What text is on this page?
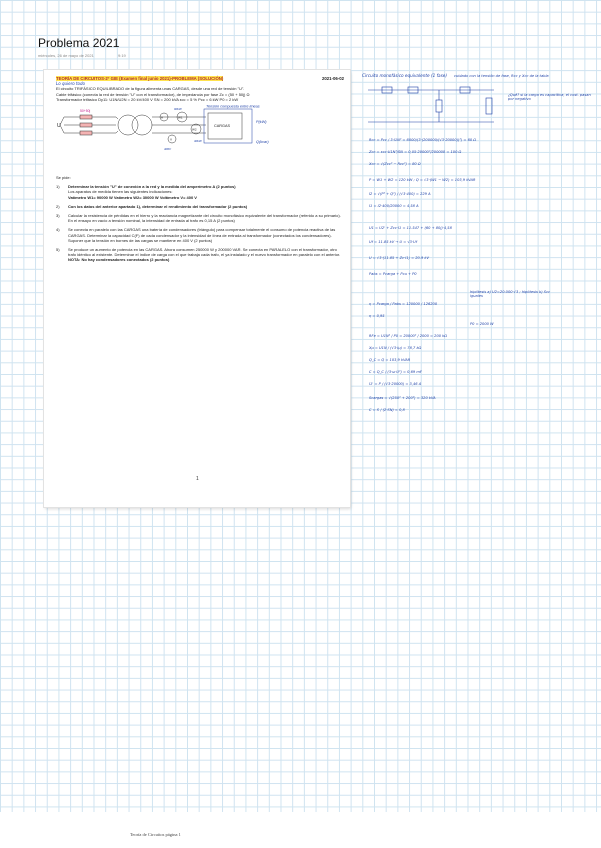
Problema 2021
miércoles, 26 de mayo de 2021	9:19
TEORÍA DE CIRCUITOS-2º GIE (Examen final junio 2021)-PROBLEMA (SOLUCIÓN)	2021-06-02
Lo quiero todo
El circuito TRIFÁSICO EQUILIBRADO de la figura alimenta unas CARGAS, desde una red de tensión "U".
Cable trifásico (conecta la red de tensión "U" con el transformador), de impedancia por fase Zc = (50 + 50j) Ω
Transformador trifásico Dy11: U1N/U2N = 20 kV/400 V SN = 200 kVA εcc = 5 % Pcc = 6 kW P0 = 2 kW
U
50+50j
A	W1
W2
V
CARGAS
Tensión compuesta entre líneas
P(kW)
Q(kvar)
90kW
30kW
400V
Se pide:
1)	Determinar la tensión "U" de conexión a la red y la medida del amperímetro A (2 puntos)
Los aparatos de medida tienen las siguientes indicaciones:
Vatímetro W1= 90000 W Vatímetro W2= 30000 W Voltímetro V= 400 V
2)	Con los datos del anterior apartado 1), determinar el rendimiento del transformador (2 puntos)
3)	Calcular la resistencia de pérdidas en el hierro y la reactancia magnetizante del circuito monofásico equivalente del transformador (referido a su primario). En el ensayo en vacío a tensión nominal, la intensidad de entrada al trafo es 0,15 A (2 puntos)
4)	Se conecta en paralelo con las CARGAS una batería de condensadores (triángulo) para compensar totalmente el consumo de potencia reactiva de las CARGAS. Determinar la capacidad C(F) de cada condensador y la intensidad de línea de entrada al transformador (conectados los condensadores). Suponer que la tensión en bornes de las cargas se mantiene en 400 V (2 puntos)
5)	Se produce un aumento de potencia en las CARGAS. Ahora consumen 250000 W y 200000 VAR. Se conecta en PARALELO con el transformador, otro trafo idéntico al existente. Determinar el índice de carga con el que trabaja cada trafo, el ya instalado y el nuevo transformador en paralelo con el anterior.
NOTA: No hay condensadores conectados (2 puntos)
1
Circuito monofásico equivalente (1 fase) cuidado con la tensión de fase, Rcc y Xcc de la tabla
¿Qué? si la carga es capacitiva, el cost. pasan por negativo
Rcc = Pcc / 3·I1N² = 6000/(3·(200000/(√3·20000))²) = 60 Ω
Zcc = εcc·U1N²/SN = 0,05·20000²/200000 = 100 Ω
Xcc = √(Zcc² − Rcc²) = 80 Ω
P = W1 + W2 = 120 kW ; Q = √3·(W1 − W2) = 103,9 kVAR
I2 = √(P² + Q²) / (√3·400) = 229 A
I1 = I2·400/20000 = 4,58 A
U1 = U2' + Zcc·I1 = 11.547 + (60 + 80j)·4,58
Uf = 11.85 kV → U = √3·Uf
U = √3·(11.85 + Zc·I1) = 20.9 kV
Pabs = Pcarga + Pcu + P0
η = Pcarga / Pabs = 120000 / 126200
η = 0,95
RFe = U1N² / P0 = 20000² / 2000 = 200 kΩ
Xμ = U1N / (√3·Iμ) = 78,7 kΩ
Q_C = Q = 103,9 kVAR
C = Q_C / (3·ω·U²) = 0,69 mF
I1' = P / (√3·20000) = 3,46 A
Scargas = √(250² + 200²) = 320 kVA
C = S / (2·SN) = 0,8
hipótesis a) U2=20.000·√3 ; hipótesis b) Scc iguales
P0 = 2000 W
Teoría de Circuitos página 1
